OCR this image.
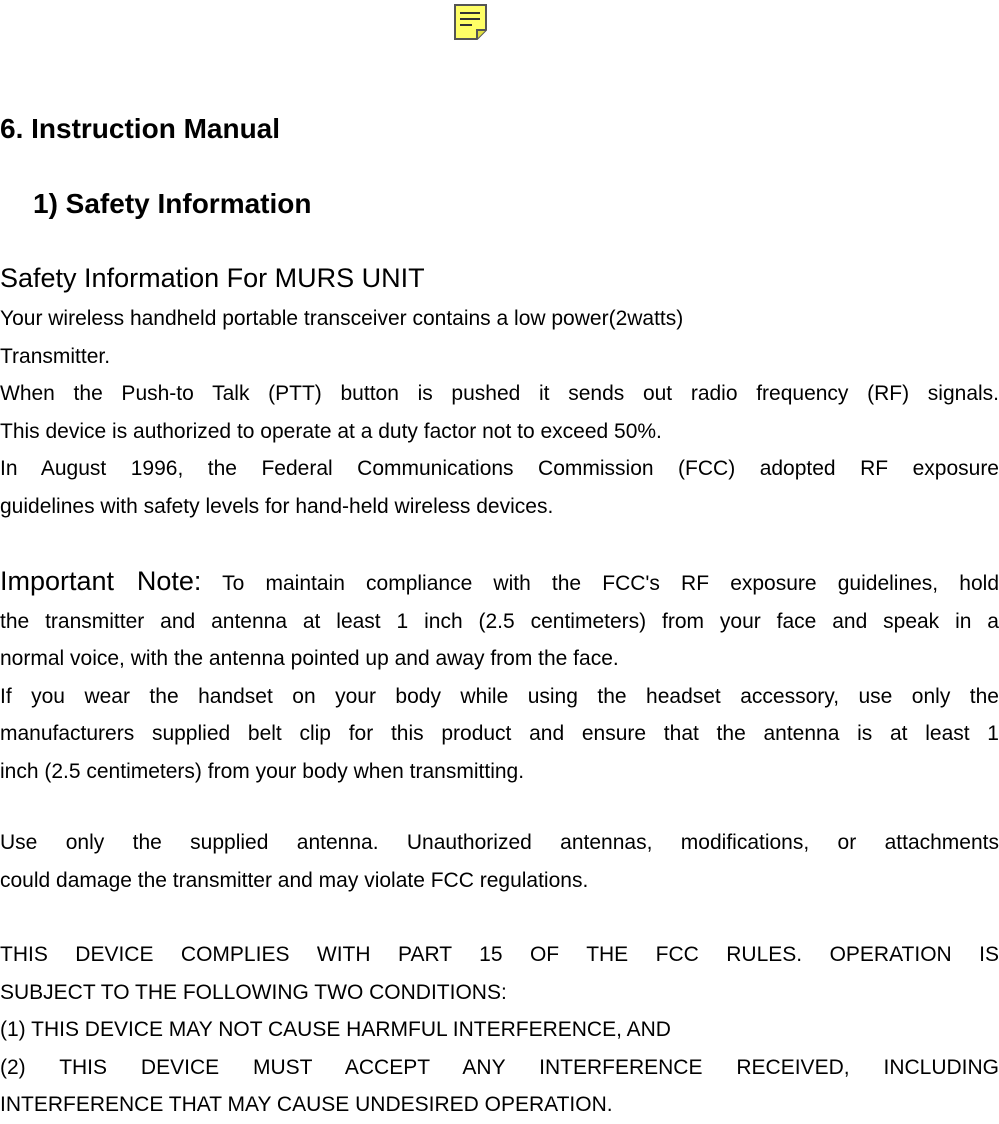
6. Instruction Manual
1) Safety Information
Safety Information For MURS UNIT
Your wireless handheld portable transceiver contains a low power(2watts)
Transmitter.
When the Push-to Talk (PTT) button is pushed it sends out radio frequency (RF) signals.
This device is authorized to operate at a duty factor not to exceed 50%.
In August 1996, the Federal Communications Commission (FCC) adopted RF exposure
guidelines with safety levels for hand-held wireless devices.
Important Note: To maintain compliance with the FCC's RF exposure guidelines, hold
the transmitter and antenna at least 1 inch (2.5 centimeters) from your face and speak in a
normal voice, with the antenna pointed up and away from the face.
If you wear the handset on your body while using the headset accessory, use only the
manufacturers supplied belt clip for this product and ensure that the antenna is at least 1
inch (2.5 centimeters) from your body when transmitting.
Use only the supplied antenna. Unauthorized antennas, modifications, or attachments
could damage the transmitter and may violate FCC regulations.
THIS DEVICE COMPLIES WITH PART 15 OF THE FCC RULES. OPERATION IS
SUBJECT TO THE FOLLOWING TWO CONDITIONS:
(1) THIS DEVICE MAY NOT CAUSE HARMFUL INTERFERENCE, AND
(2) THIS DEVICE MUST ACCEPT ANY INTERFERENCE RECEIVED, INCLUDING
INTERFERENCE THAT MAY CAUSE UNDESIRED OPERATION.
